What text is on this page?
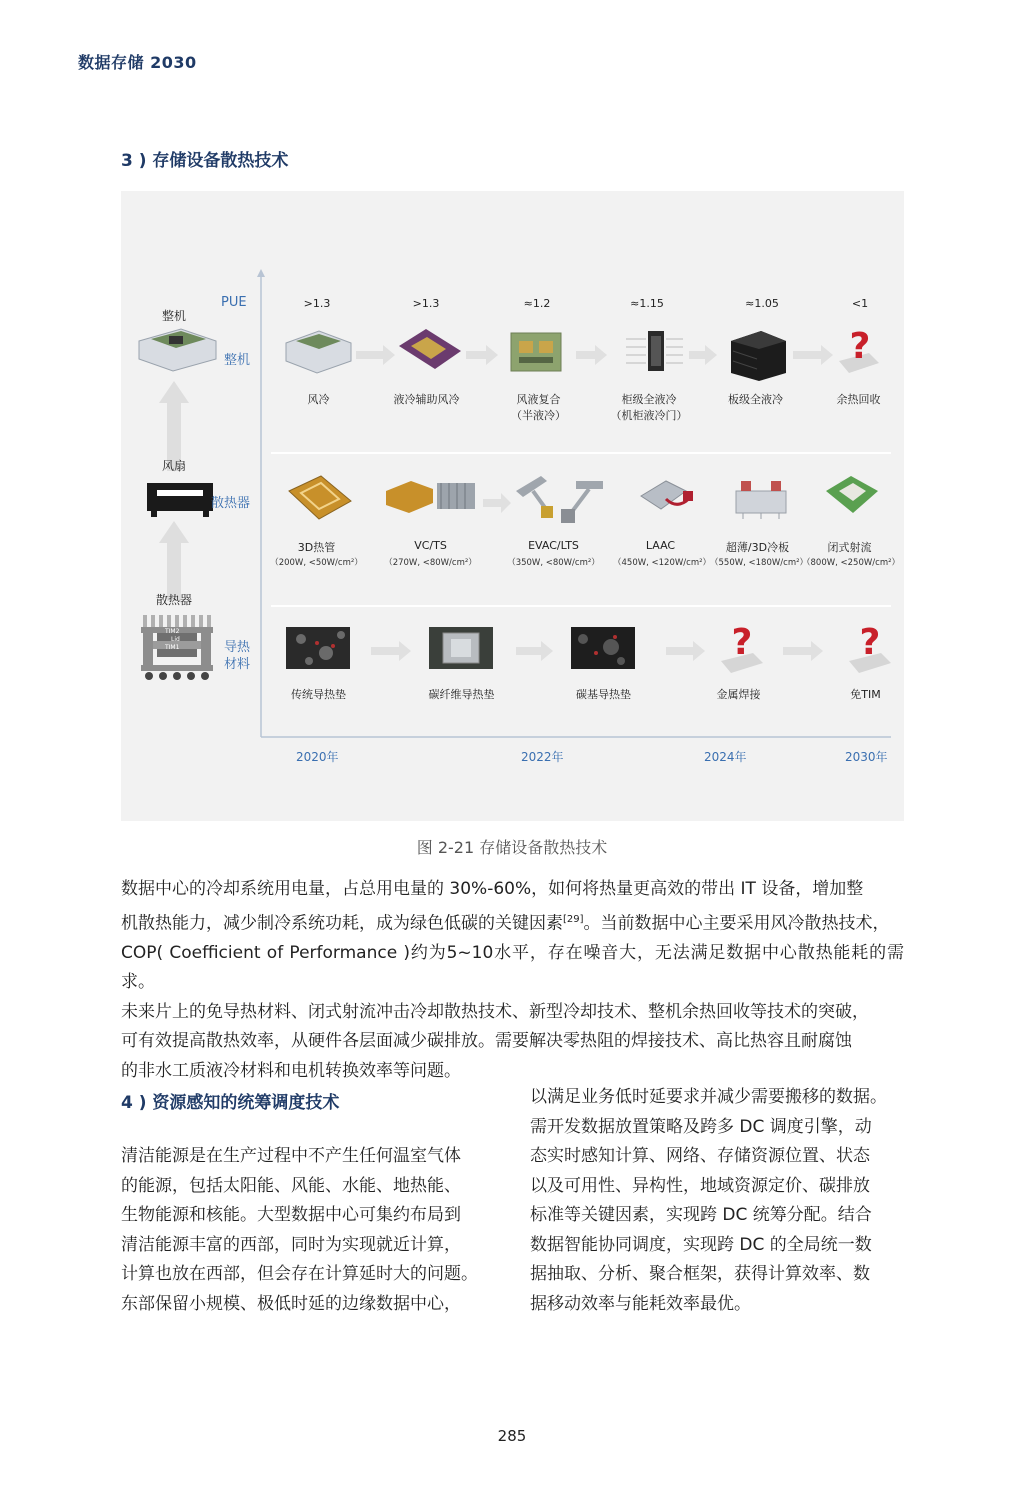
数据存储 2030
3 ) 存储设备散热技术
整机
风扇
散热器
TIM2
Lid
TIM1
PUE
整机
散热器
导热
材料
>1.3	>1.3	≈1.2	≈1.15	≈1.05	<1
?
风冷	液冷辅助风冷	风液复合
（半液冷）
柜级全液冷
（机柜液冷门）
板级全液冷	余热回收
3D热管
（200W, <50W/cm²）
VC/TS
（270W, <80W/cm²）
EVAC/LTS
（350W, <80W/cm²）
LAAC
（450W, <120W/cm²）
超薄/3D冷板
（550W, <180W/cm²）
闭式射流
（800W, <250W/cm²）
?	?
传统导热垫	碳纤维导热垫	碳基导热垫	金属焊接	免TIM
2020年	2022年	2024年	2030年
图 2-21 存储设备散热技术
数据中心的冷却系统用电量，占总用电量的 30%-60%，如何将热量更高效的带出 IT 设备，增加整
机散热能力，减少制冷系统功耗，成为绿色低碳的关键因素[29]。当前数据中心主要采用风冷散热技术，
COP( Coefficient of Performance )约为5~10水平，存在噪音大，无法满足数据中心散热能耗的需求。
未来片上的免导热材料、闭式射流冲击冷却散热技术、新型冷却技术、整机余热回收等技术的突破，
可有效提高散热效率，从硬件各层面减少碳排放。需要解决零热阻的焊接技术、高比热容且耐腐蚀
的非水工质液冷材料和电机转换效率等问题。
4 ) 资源感知的统筹调度技术
清洁能源是在生产过程中不产生任何温室气体
的能源，包括太阳能、风能、水能、地热能、
生物能源和核能。大型数据中心可集约布局到
清洁能源丰富的西部，同时为实现就近计算，
计算也放在西部，但会存在计算延时大的问题。
东部保留小规模、极低时延的边缘数据中心，
以满足业务低时延要求并减少需要搬移的数据。
需开发数据放置策略及跨多 DC 调度引擎，动
态实时感知计算、网络、存储资源位置、状态
以及可用性、异构性，地域资源定价、碳排放
标准等关键因素，实现跨 DC 统筹分配。结合
数据智能协同调度，实现跨 DC 的全局统一数
据抽取、分析、聚合框架，获得计算效率、数
据移动效率与能耗效率最优。
285
